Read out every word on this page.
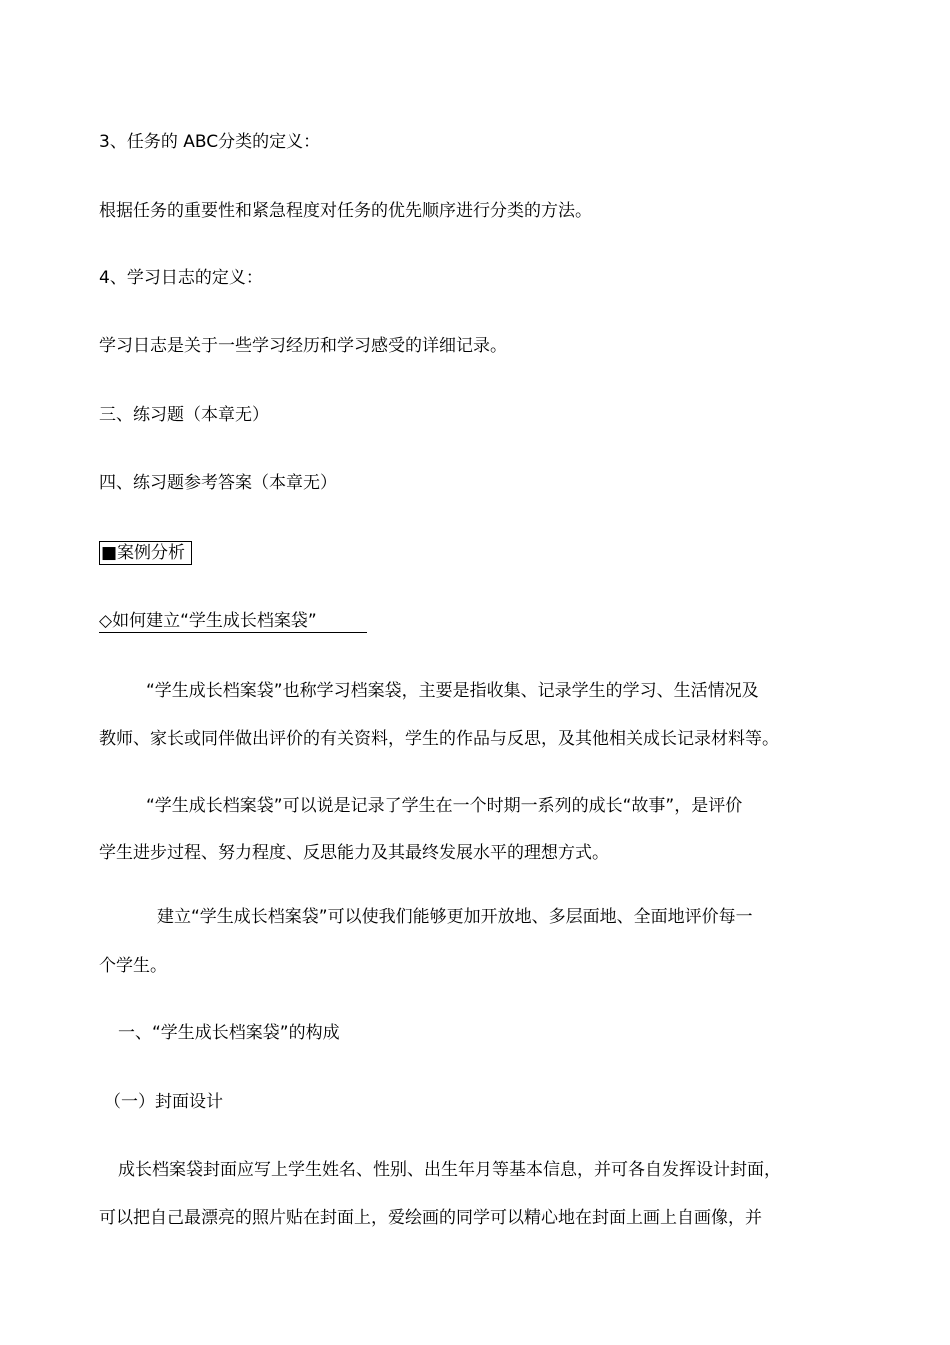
3、任务的 ABC分类的定义：
根据任务的重要性和紧急程度对任务的优先顺序进行分类的方法。
4、学习日志的定义：
学习日志是关于一些学习经历和学习感受的详细记录。
三、练习题（本章无）
四、练习题参考答案（本章无）
■案例分析
◇如何建立“学生成长档案袋”
“学生成长档案袋”也称学习档案袋，主要是指收集、记录学生的学习、生活情况及
教师、家长或同伴做出评价的有关资料，学生的作品与反思，及其他相关成长记录材料等。
“学生成长档案袋”可以说是记录了学生在一个时期一系列的成长“故事”，是评价
学生进步过程、努力程度、反思能力及其最终发展水平的理想方式。
建立“学生成长档案袋”可以使我们能够更加开放地、多层面地、全面地评价每一
个学生。
一、“学生成长档案袋”的构成
（一）封面设计
成长档案袋封面应写上学生姓名、性别、出生年月等基本信息，并可各自发挥设计封面，
可以把自己最漂亮的照片贴在封面上，爱绘画的同学可以精心地在封面上画上自画像，并
